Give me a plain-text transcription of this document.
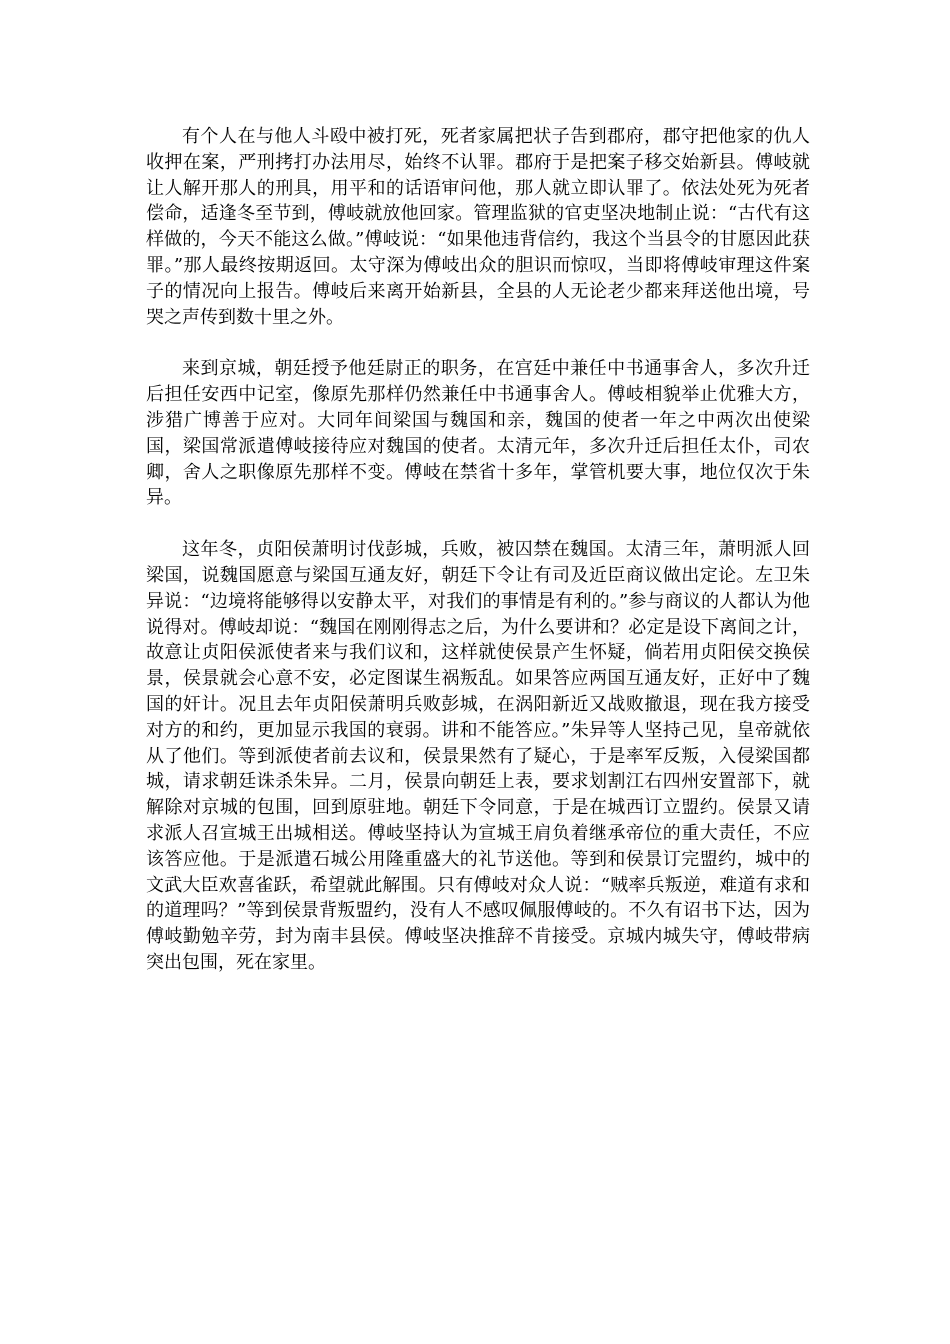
有个人在与他人斗殴中被打死，死者家属把状子告到郡府，郡守把他家的仇人收押在案，严刑拷打办法用尽，始终不认罪。郡府于是把案子移交始新县。傅岐就让人解开那人的刑具，用平和的话语审问他，那人就立即认罪了。依法处死为死者偿命，适逢冬至节到，傅岐就放他回家。管理监狱的官吏坚决地制止说：“古代有这样做的，今天不能这么做。”傅岐说：“如果他违背信约，我这个当县令的甘愿因此获罪。”那人最终按期返回。太守深为傅岐出众的胆识而惊叹，当即将傅岐审理这件案子的情况向上报告。傅岐后来离开始新县，全县的人无论老少都来拜送他出境，号哭之声传到数十里之外。

来到京城，朝廷授予他廷尉正的职务，在宫廷中兼任中书通事舍人，多次升迁后担任安西中记室，像原先那样仍然兼任中书通事舍人。傅岐相貌举止优雅大方，涉猎广博善于应对。大同年间梁国与魏国和亲，魏国的使者一年之中两次出使梁国，梁国常派遣傅岐接待应对魏国的使者。太清元年，多次升迁后担任太仆，司农卿，舍人之职像原先那样不变。傅岐在禁省十多年，掌管机要大事，地位仅次于朱异。

这年冬，贞阳侯萧明讨伐彭城，兵败，被囚禁在魏国。太清三年，萧明派人回梁国，说魏国愿意与梁国互通友好，朝廷下令让有司及近臣商议做出定论。左卫朱异说：“边境将能够得以安静太平，对我们的事情是有利的。”参与商议的人都认为他说得对。傅岐却说：“魏国在刚刚得志之后，为什么要讲和？必定是设下离间之计，故意让贞阳侯派使者来与我们议和，这样就使侯景产生怀疑，倘若用贞阳侯交换侯景，侯景就会心意不安，必定图谋生祸叛乱。如果答应两国互通友好，正好中了魏国的奸计。况且去年贞阳侯萧明兵败彭城，在涡阳新近又战败撤退，现在我方接受对方的和约，更加显示我国的衰弱。讲和不能答应。”朱异等人坚持己见，皇帝就依从了他们。等到派使者前去议和，侯景果然有了疑心，于是率军反叛，入侵梁国都城，请求朝廷诛杀朱异。二月，侯景向朝廷上表，要求划割江右四州安置部下，就解除对京城的包围，回到原驻地。朝廷下令同意，于是在城西订立盟约。侯景又请求派人召宣城王出城相送。傅岐坚持认为宣城王肩负着继承帝位的重大责任，不应该答应他。于是派遣石城公用隆重盛大的礼节送他。等到和侯景订完盟约，城中的文武大臣欢喜雀跃，希望就此解围。只有傅岐对众人说：“贼率兵叛逆，难道有求和的道理吗？”等到侯景背叛盟约，没有人不感叹佩服傅岐的。不久有诏书下达，因为傅岐勤勉辛劳，封为南丰县侯。傅岐坚决推辞不肯接受。京城内城失守，傅岐带病突出包围，死在家里。
